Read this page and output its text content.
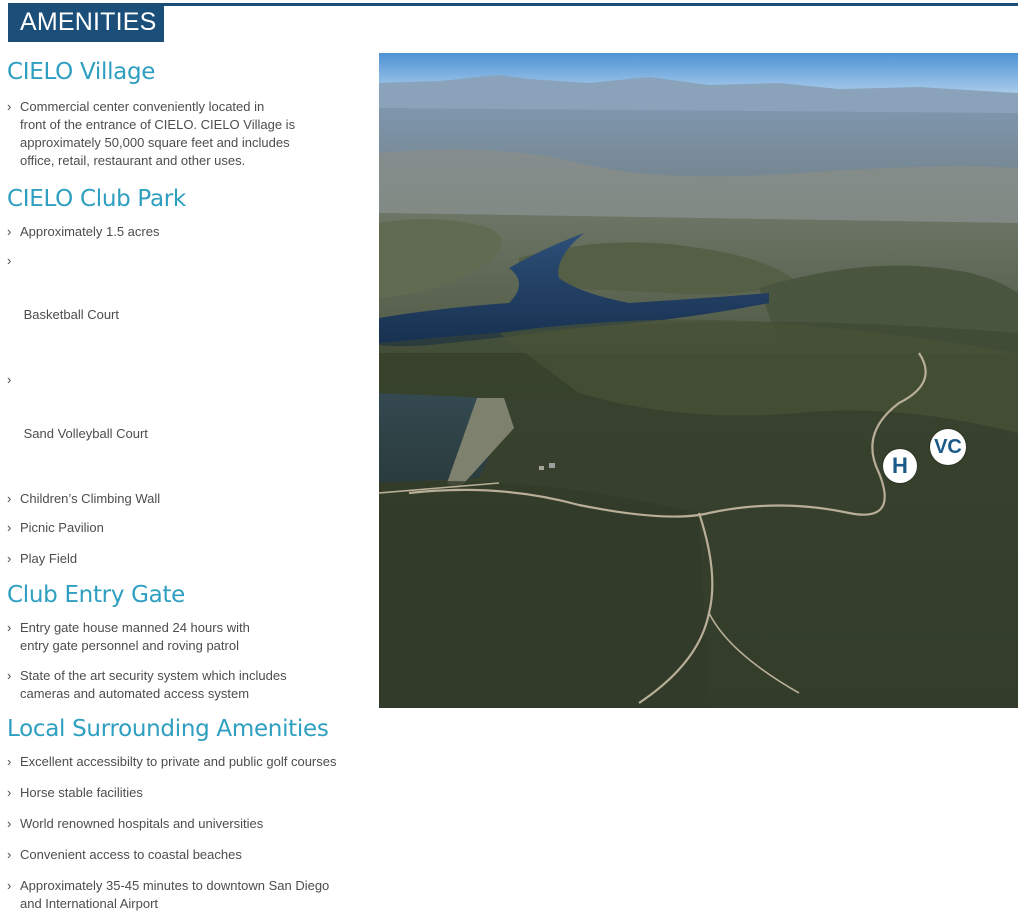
AMENITIES
CIELO Village
› Commercial center conveniently located in
front of the entrance of CIELO. CIELO Village is
approximately 50,000 square feet and includes
office, retail, restaurant and other uses.
CIELO Club Park
› Approximately 1.5 acres

›

Basketball Court

›

Sand Volleyball Court

› Children’s Climbing Wall
› Picnic Pavilion
› Play Field
Club Entry Gate
› Entry gate house manned 24 hours with
entry gate personnel and roving patrol
› State of the art security system which includes
cameras and automated access system
Local Surrounding Amenities
› Excellent accessibilty to private and public golf courses
› Horse stable facilities
› World renowned hospitals and universities
› Convenient access to coastal beaches
› Approximately 35-45 minutes to downtown San Diego
and International Airport
H
VC
